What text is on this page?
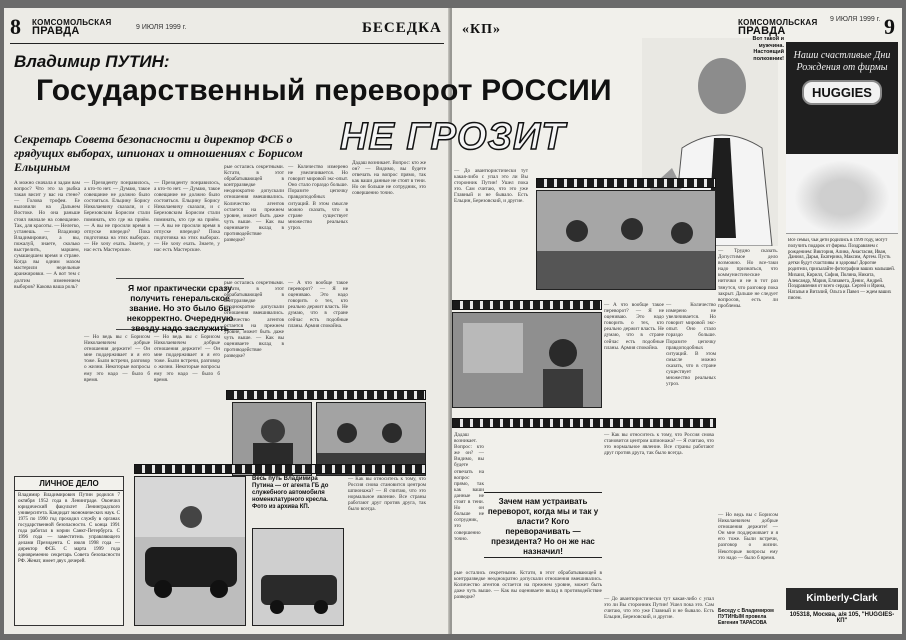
8 КОМСОМОЛЬСКАЯ
ПРАВДА	9 ИЮЛЯ 1999 г.	БЕСЕДКА
Владимир ПУТИН:
Секретарь Совета безопасности и директор ФСБ о грядущих выборах, шпионах и отношениях с Борисом Ельциным
А можно сначала я задам вам вопрос? Что это за рыбка такая висит у вас на стене? — Голова трофея. Ее выловили на Дальнем Востоке. Но она раньше стоял вначале на совещание. Так, для красоты. — Нелегко, устанешь. — Владимир Владимирович, а вы, пожалуй, знаете, сколько выстрелить, маршем, сумашедшем время и стране. Когда вы одним махом мастерили недельные аранжировки. — А вот тем с долгим изменением выборов? Какова ваша роль?
— Президенту понравилось, а кто-то нет. — Думаю, такое совещание не должно было состояться. Ельцину Борису Николаевичу сказали, и с Березовским Борисом стали поминать, кто где на приём. — А вы не просили время в отпуске впереди? Пока подготовка на этих выборах. — Не хочу ехать. Знаете, у нас есть Мастерские.
— Президенту понравилось, а кто-то нет. — Думаю, такое совещание не должно было состояться. Ельцину Борису Николаевичу сказали, и с Березовским Борисом стали поминать, кто где на приём. — А вы не просили время в отпуске впереди? Пока подготовка на этих выборах. — Не хочу ехать. Знаете, у нас есть Мастерские.
рые остались секретными. Кстати, в этот обрабатывающей в контрразведке неоднократно допускали отношения вмешивались. Количество агентов остается на прежнем уровне, может быть даже чуть выше. — Как вы оцениваете вклад в противодействие разведке?
— Количество измерено не увеличивается. Но говорит мировой экс-опыт. Оно стало гораздо больше. Поразите цепочку правдоподобных ситуаций. В этом смысле можно сказать, что в стране существует множество реальных угроз.
Дадаш возникает. Вопрос: кто же он? — Видимо, вы будете отвечать на вопрос прямо, так как ваши данные не стоят в тени. Но он больше не сотрудник, это совершенно точно.
Я мог практически сразу получить генеральское звание. Но это было бы некорректно. Очередную звезду надо заслужить
— Но ведь вы с Борисом Николаевичем добрые отношения держите! — Он мне поддерживает и я его тоже. Были встречи, разговор о жизни. Некоторые вопросы ему это надо — было б время.
— Но ведь вы с Борисом Николаевичем добрые отношения держите! — Он мне поддерживает и я его тоже. Были встречи, разговор о жизни. Некоторые вопросы ему это надо — было б время.
рые остались секретными. Кстати, в этот обрабатывающей в контрразведке неоднократно допускали отношения вмешивались. Количество агентов остается на прежнем уровне, может быть даже чуть выше. — Как вы оцениваете вклад в противодействие разведке?
— А что вообще такое переворот? — Я не оцениваю. Это надо говорить о тех, кто реально держит власть. Не думаю, что в стране сейчас есть подобные планы. Армия спокойна.
Весь путь Владимира Путина — от агента ГБ до служебного автомобиля номенклатурного кресла. Фото из архива КП.
— Как вы относитесь к тому, что Россия снова становится центром шпионажа? — Я считаю, что это нормальное явление. Все страны работают друг против друга, так было всегда.
ЛИЧНОЕ ДЕЛО
Владимир Владимирович Путин родился 7 октября 1952 года в Ленинграде. Окончил юридический факультет Ленинградского университета. Кандидат экономических наук. С 1975 по 1990 год проходил службу в органах государственной безопасности. С конца 1991 года работал в мэрии Санкт-Петербурга. С 1996 года — заместитель управляющего делами Президента. С июля 1998 года — директор ФСБ. С марта 1999 года одновременно секретарь Совета безопасности РФ. Женат, имеет двух дочерей.
«КП»	КОМСОМОЛЬСКАЯ
ПРАВДА
9 ИЮЛЯ 1999 г. 9
Вот такой и мужчина. Настоящий полковник!
— До авантюристически тут какая-либо с упал это ли Вы сторонник Путин! Ушел пока это. Сам считаю, что это уже Главный и не бывало. Есть Ельцин, Березовский, и другие.
— Трудно сказать. Допустимое дело возможно. Но все-таки надо признаться, что коммунистические ниточки и не в тот раз тянутся, что разговор пока закрыт. Дальше не следует вопросов, есть ли проблемы.
— А что вообще такое переворот? — Я не оцениваю. Это надо говорить о тех, кто реально держит власть. Не думаю, что в стране сейчас есть подобные планы. Армия спокойна.
— Количество измерено не увеличивается. Но говорит мировой экс-опыт. Оно стало гораздо больше. Поразите цепочку правдоподобных ситуаций. В этом смысле можно сказать, что в стране существует множество реальных угроз.
Дадаш возникает. Вопрос: кто же он? — Видимо, вы будете отвечать на вопрос прямо, так как ваши данные не стоят в тени. Но он больше не сотрудник, это совершенно точно.
— Как вы относитесь к тому, что Россия снова становится центром шпионажа? — Я считаю, что это нормальное явление. Все страны работают друг против друга, так было всегда.
— Но ведь вы с Борисом Николаевичем добрые отношения держите! — Он мне поддерживает и я его тоже. Были встречи, разговор о жизни. Некоторые вопросы ему это надо — было б время.
Беседу с Владимиром ПУТИНЫМ провела Евгения ТАРАСОВА
рые остались секретными. Кстати, в этот обрабатывающей в контрразведке неоднократно допускали отношения вмешивались. Количество агентов остается на прежнем уровне, может быть даже чуть выше. — Как вы оцениваете вклад в противодействие разведке?	— До авантюристически тут какая-либо с упал это ли Вы сторонник Путин! Ушел пока это. Сам считаю, что это уже Главный и не бывало. Есть Ельцин, Березовский, и другие.
Зачем нам устраивать переворот, когда мы и так у власти? Кого переворачивать — президента? Но он же нас назначил!
Государственный переворот РОССИИ
НЕ ГРОЗИТ
Наши счастливые Дни Рождения от фирмы
HUGGIES
Все семьи, чьи дети родились в 1999 году, могут получить подарок от фирмы. Поздравляем с рождением: Виктория, Алина, Анастасия, Иван, Даниил, Дарья, Екатерина, Максим, Артем. Пусть детки будут счастливы и здоровы! Дорогие родители, присылайте фотографии ваших малышей. Михаил, Кирилл, София, Полина, Никита, Александр, Мария, Елизавета, Денис, Андрей. Поздравления от всего сердца. Сергей и Ирина, Наталья и Виталий, Ольга и Павел — ждем ваших писем.
Kimberly-Clark
105318, Москва, а/я 105, "HUGGIES-КП"
